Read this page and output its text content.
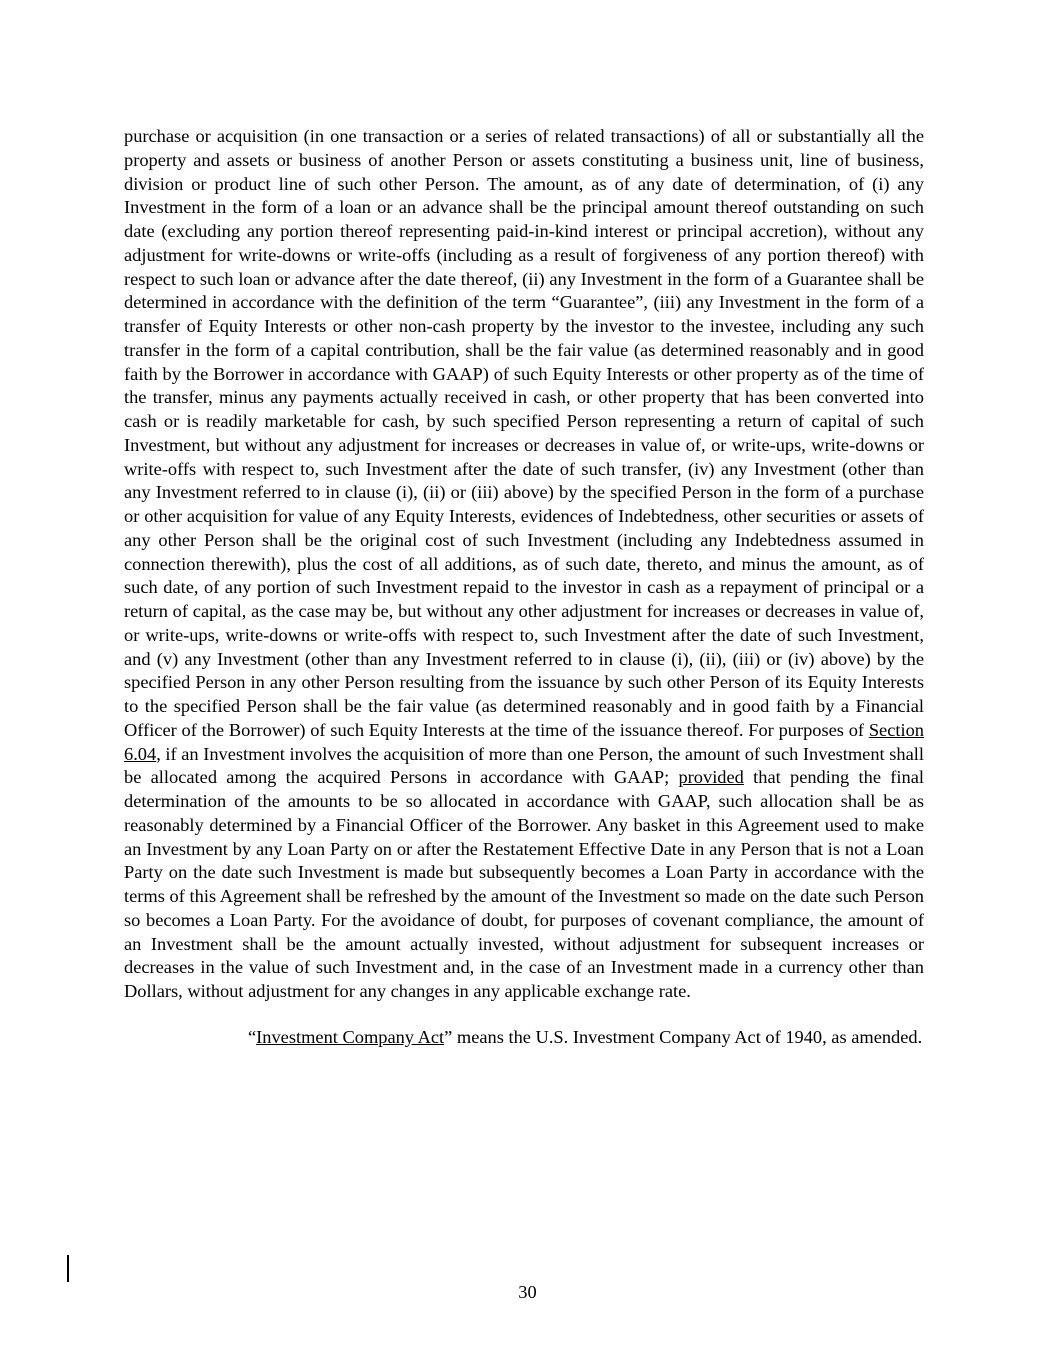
purchase or acquisition (in one transaction or a series of related transactions) of all or substantially all the property and assets or business of another Person or assets constituting a business unit, line of business, division or product line of such other Person. The amount, as of any date of determination, of (i) any Investment in the form of a loan or an advance shall be the principal amount thereof outstanding on such date (excluding any portion thereof representing paid-in-kind interest or principal accretion), without any adjustment for write-downs or write-offs (including as a result of forgiveness of any portion thereof) with respect to such loan or advance after the date thereof, (ii) any Investment in the form of a Guarantee shall be determined in accordance with the definition of the term “Guarantee”, (iii) any Investment in the form of a transfer of Equity Interests or other non-cash property by the investor to the investee, including any such transfer in the form of a capital contribution, shall be the fair value (as determined reasonably and in good faith by the Borrower in accordance with GAAP) of such Equity Interests or other property as of the time of the transfer, minus any payments actually received in cash, or other property that has been converted into cash or is readily marketable for cash, by such specified Person representing a return of capital of such Investment, but without any adjustment for increases or decreases in value of, or write-ups, write-downs or write-offs with respect to, such Investment after the date of such transfer, (iv) any Investment (other than any Investment referred to in clause (i), (ii) or (iii) above) by the specified Person in the form of a purchase or other acquisition for value of any Equity Interests, evidences of Indebtedness, other securities or assets of any other Person shall be the original cost of such Investment (including any Indebtedness assumed in connection therewith), plus the cost of all additions, as of such date, thereto, and minus the amount, as of such date, of any portion of such Investment repaid to the investor in cash as a repayment of principal or a return of capital, as the case may be, but without any other adjustment for increases or decreases in value of, or write-ups, write-downs or write-offs with respect to, such Investment after the date of such Investment, and (v) any Investment (other than any Investment referred to in clause (i), (ii), (iii) or (iv) above) by the specified Person in any other Person resulting from the issuance by such other Person of its Equity Interests to the specified Person shall be the fair value (as determined reasonably and in good faith by a Financial Officer of the Borrower) of such Equity Interests at the time of the issuance thereof. For purposes of Section 6.04, if an Investment involves the acquisition of more than one Person, the amount of such Investment shall be allocated among the acquired Persons in accordance with GAAP; provided that pending the final determination of the amounts to be so allocated in accordance with GAAP, such allocation shall be as reasonably determined by a Financial Officer of the Borrower. Any basket in this Agreement used to make an Investment by any Loan Party on or after the Restatement Effective Date in any Person that is not a Loan Party on the date such Investment is made but subsequently becomes a Loan Party in accordance with the terms of this Agreement shall be refreshed by the amount of the Investment so made on the date such Person so becomes a Loan Party. For the avoidance of doubt, for purposes of covenant compliance, the amount of an Investment shall be the amount actually invested, without adjustment for subsequent increases or decreases in the value of such Investment and, in the case of an Investment made in a currency other than Dollars, without adjustment for any changes in any applicable exchange rate.

“Investment Company Act” means the U.S. Investment Company Act of 1940, as amended.

30
